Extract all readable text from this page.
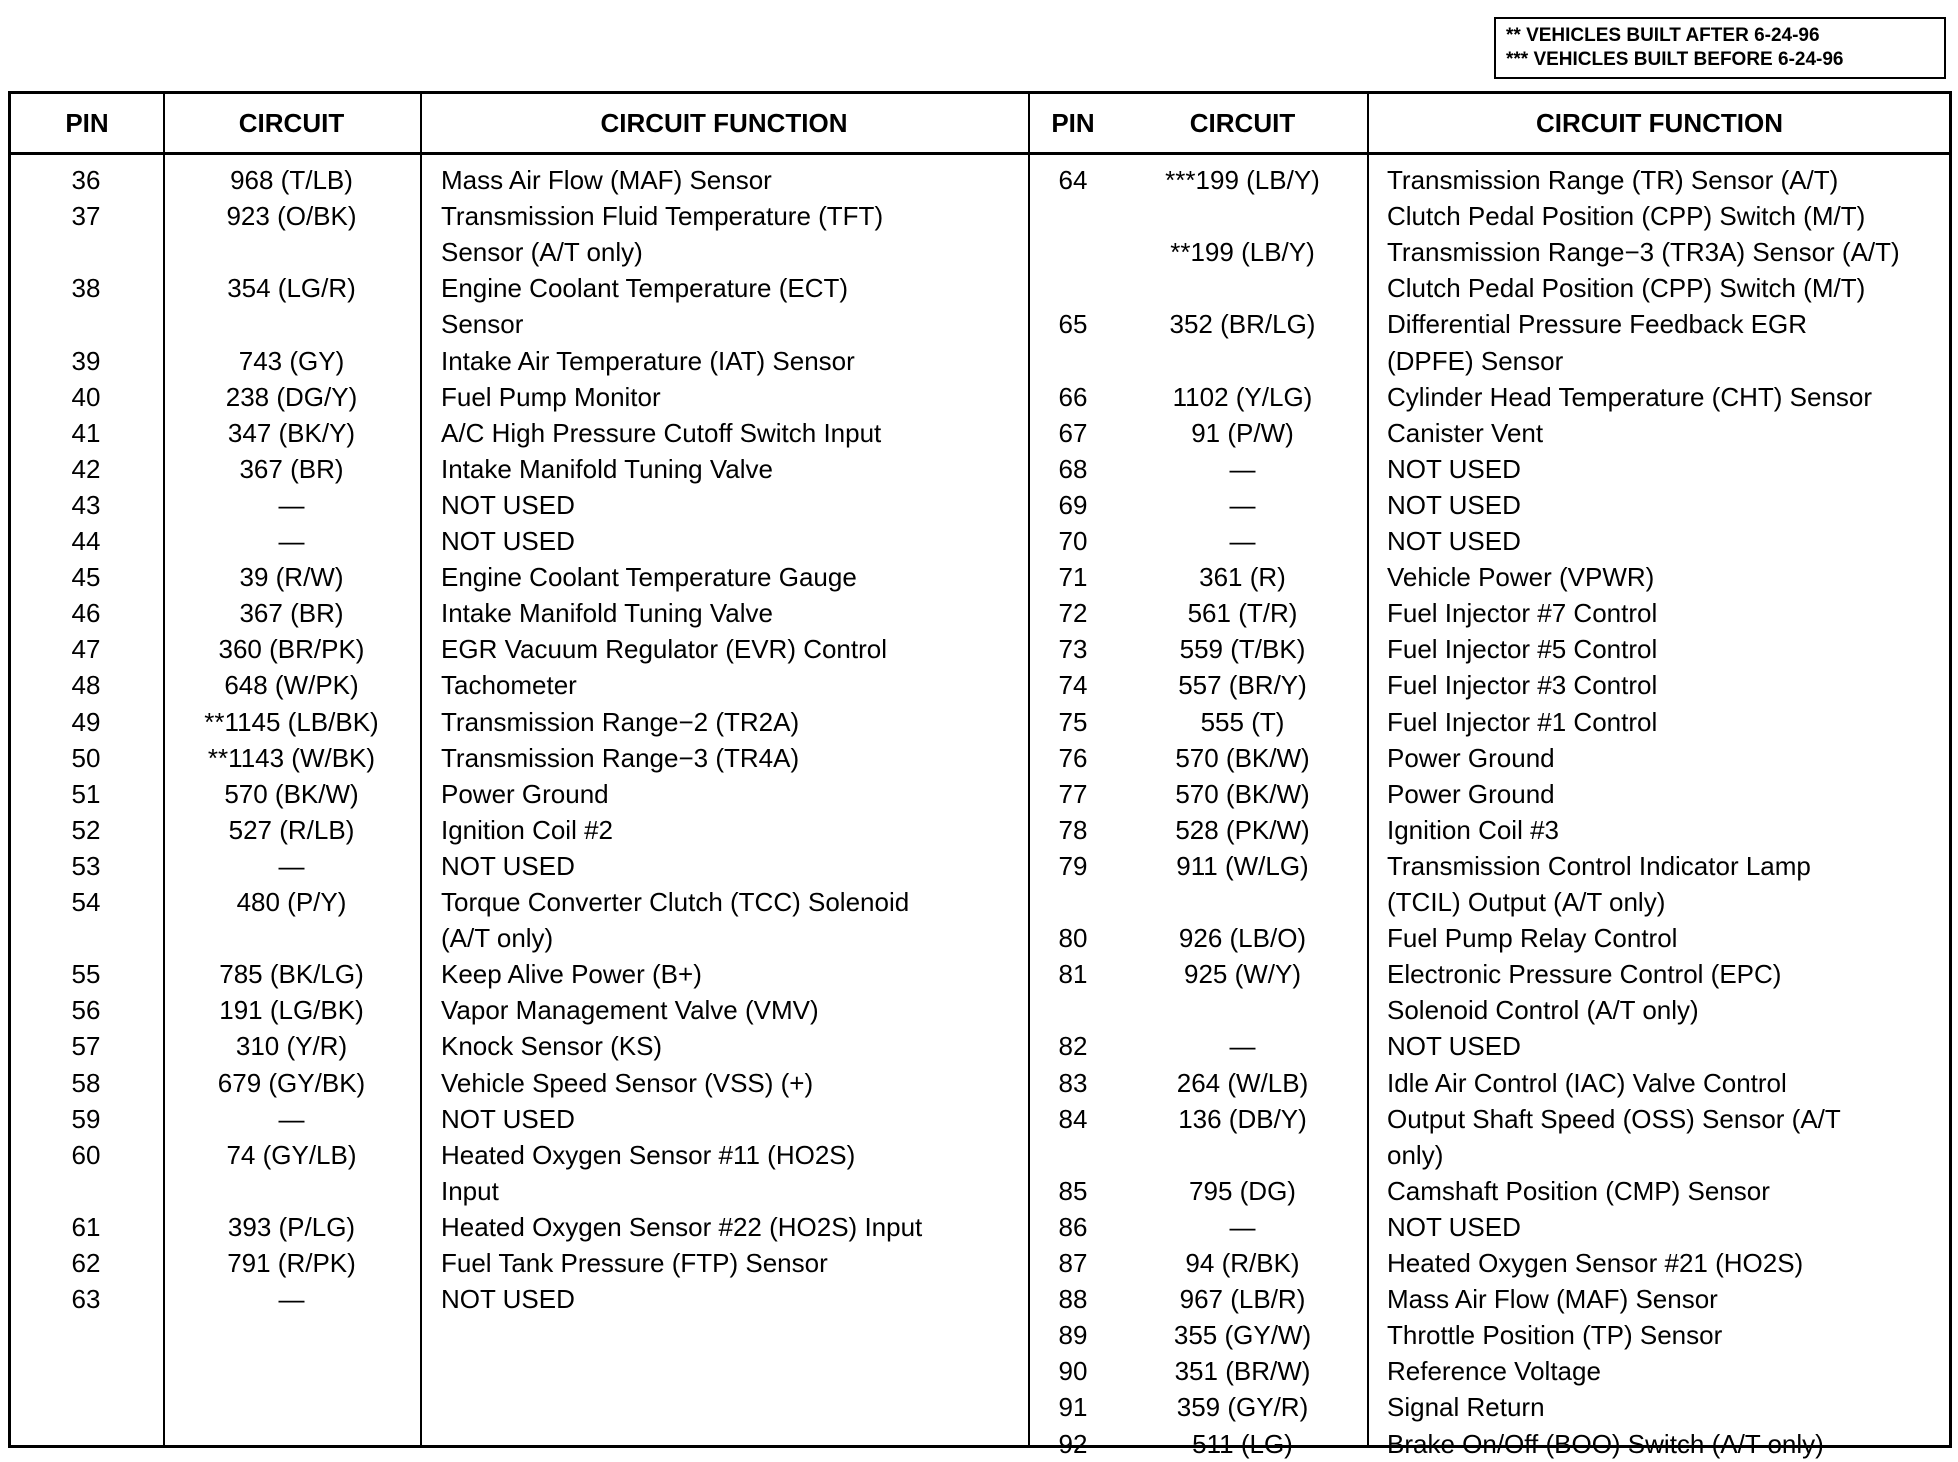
** VEHICLES BUILT AFTER 6-24-96
*** VEHICLES BUILT BEFORE 6-24-96
PIN	CIRCUIT	CIRCUIT FUNCTION	PIN	CIRCUIT	CIRCUIT FUNCTION
36	968 (T/LB)	Mass Air Flow (MAF) Sensor
37	923 (O/BK)	Transmission Fluid Temperature (TFT)
Sensor (A/T only)
38	354 (LG/R)	Engine Coolant Temperature (ECT)
Sensor
39	743 (GY)	Intake Air Temperature (IAT) Sensor
40	238 (DG/Y)	Fuel Pump Monitor
41	347 (BK/Y)	A/C High Pressure Cutoff Switch Input
42	367 (BR)	Intake Manifold Tuning Valve
43	—	NOT USED
44	—	NOT USED
45	39 (R/W)	Engine Coolant Temperature Gauge
46	367 (BR)	Intake Manifold Tuning Valve
47	360 (BR/PK)	EGR Vacuum Regulator (EVR) Control
48	648 (W/PK)	Tachometer
49	**1145 (LB/BK)	Transmission Range−2 (TR2A)
50	**1143 (W/BK)	Transmission Range−3 (TR4A)
51	570 (BK/W)	Power Ground
52	527 (R/LB)	Ignition Coil #2
53	—	NOT USED
54	480 (P/Y)	Torque Converter Clutch (TCC) Solenoid
(A/T only)
55	785 (BK/LG)	Keep Alive Power (B+)
56	191 (LG/BK)	Vapor Management Valve (VMV)
57	310 (Y/R)	Knock Sensor (KS)
58	679 (GY/BK)	Vehicle Speed Sensor (VSS) (+)
59	—	NOT USED
60	74 (GY/LB)	Heated Oxygen Sensor #11 (HO2S)
Input
61	393 (P/LG)	Heated Oxygen Sensor #22 (HO2S) Input
62	791 (R/PK)	Fuel Tank Pressure (FTP) Sensor
63	—	NOT USED
64	***199 (LB/Y)	Transmission Range (TR) Sensor (A/T)
Clutch Pedal Position (CPP) Switch (M/T)
**199 (LB/Y)	Transmission Range−3 (TR3A) Sensor (A/T)
Clutch Pedal Position (CPP) Switch (M/T)
65	352 (BR/LG)	Differential Pressure Feedback EGR
(DPFE) Sensor
66	1102 (Y/LG)	Cylinder Head Temperature (CHT) Sensor
67	91 (P/W)	Canister Vent
68	—	NOT USED
69	—	NOT USED
70	—	NOT USED
71	361 (R)	Vehicle Power (VPWR)
72	561 (T/R)	Fuel Injector #7 Control
73	559 (T/BK)	Fuel Injector #5 Control
74	557 (BR/Y)	Fuel Injector #3 Control
75	555 (T)	Fuel Injector #1 Control
76	570 (BK/W)	Power Ground
77	570 (BK/W)	Power Ground
78	528 (PK/W)	Ignition Coil #3
79	911 (W/LG)	Transmission Control Indicator Lamp
(TCIL) Output (A/T only)
80	926 (LB/O)	Fuel Pump Relay Control
81	925 (W/Y)	Electronic Pressure Control (EPC)
Solenoid Control (A/T only)
82	—	NOT USED
83	264 (W/LB)	Idle Air Control (IAC) Valve Control
84	136 (DB/Y)	Output Shaft Speed (OSS) Sensor (A/T
only)
85	795 (DG)	Camshaft Position (CMP) Sensor
86	—	NOT USED
87	94 (R/BK)	Heated Oxygen Sensor #21 (HO2S)
88	967 (LB/R)	Mass Air Flow (MAF) Sensor
89	355 (GY/W)	Throttle Position (TP) Sensor
90	351 (BR/W)	Reference Voltage
91	359 (GY/R)	Signal Return
92	511 (LG)	Brake On/Off (BOO) Switch (A/T only)
